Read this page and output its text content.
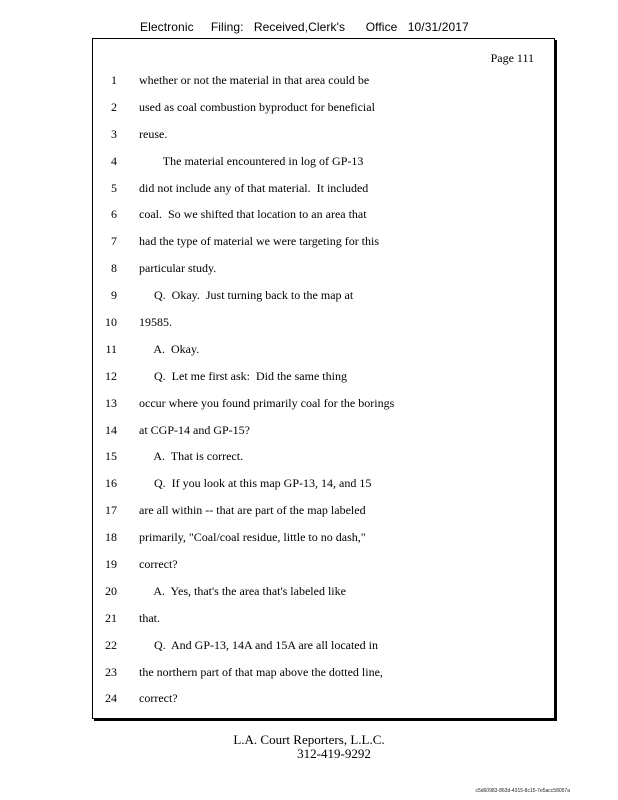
Electronic     Filing:   Received,Clerk's      Office   10/31/2017
Page 111
1 whether or not the material in that area could be
2 used as coal combustion byproduct for beneficial
3 reuse.
4 The material encountered in log of GP-13
5 did not include any of that material.  It included
6 coal.  So we shifted that location to an area that
7 had the type of material we were targeting for this
8 particular study.
9 Q.  Okay.  Just turning back to the map at
10 19585.
11 A.  Okay.
12 Q.  Let me first ask:  Did the same thing
13 occur where you found primarily coal for the borings
14 at CGP-14 and GP-15?
15 A.  That is correct.
16 Q.  If you look at this map GP-13, 14, and 15
17 are all within -- that are part of the map labeled
18 primarily, "Coal/coal residue, little to no dash,"
19 correct?
20 A.  Yes, that's the area that's labeled like
21 that.
22 Q.  And GP-13, 14A and 15A are all located in
23 the northern part of that map above the dotted line,
24 correct?
L.A. Court Reporters, L.L.C.
312-419-9292
c5d60983-863d-4315-8c15-7e5acc58057a
